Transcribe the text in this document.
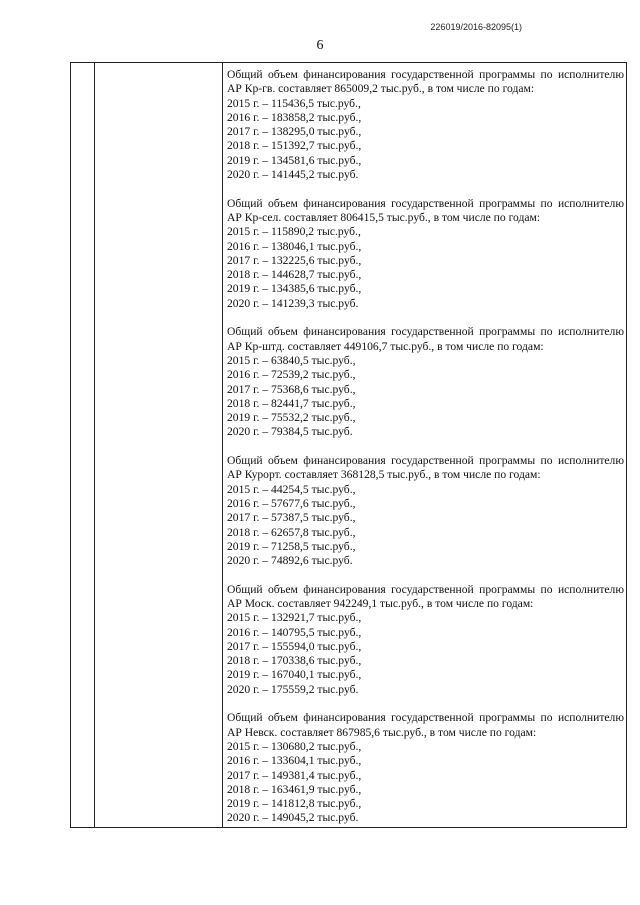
226019/2016-82095(1)
6
Общий объем финансирования государственной программы по исполнителю АР Кр-гв. составляет 865009,2 тыс.руб., в том числе по годам:
2015 г. – 115436,5 тыс.руб.,
2016 г. – 183858,2 тыс.руб.,
2017 г. – 138295,0 тыс.руб.,
2018 г. – 151392,7 тыс.руб.,
2019 г. – 134581,6 тыс.руб.,
2020 г. – 141445,2 тыс.руб.
Общий объем финансирования государственной программы по исполнителю АР Кр-сел. составляет 806415,5 тыс.руб., в том числе по годам:
2015 г. – 115890,2 тыс.руб.,
2016 г. – 138046,1 тыс.руб.,
2017 г. – 132225,6 тыс.руб.,
2018 г. – 144628,7 тыс.руб.,
2019 г. – 134385,6 тыс.руб.,
2020 г. – 141239,3 тыс.руб.
Общий объем финансирования государственной программы по исполнителю АР Кр-штд. составляет 449106,7 тыс.руб., в том числе по годам:
2015 г. – 63840,5 тыс.руб.,
2016 г. – 72539,2 тыс.руб.,
2017 г. – 75368,6 тыс.руб.,
2018 г. – 82441,7 тыс.руб.,
2019 г. – 75532,2 тыс.руб.,
2020 г. – 79384,5 тыс.руб.
Общий объем финансирования государственной программы по исполнителю АР Курорт. составляет 368128,5 тыс.руб., в том числе по годам:
2015 г. – 44254,5 тыс.руб.,
2016 г. – 57677,6 тыс.руб.,
2017 г. – 57387,5 тыс.руб.,
2018 г. – 62657,8 тыс.руб.,
2019 г. – 71258,5 тыс.руб.,
2020 г. – 74892,6 тыс.руб.
Общий объем финансирования государственной программы по исполнителю АР Моск. составляет 942249,1 тыс.руб., в том числе по годам:
2015 г. – 132921,7 тыс.руб.,
2016 г. – 140795,5 тыс.руб.,
2017 г. – 155594,0 тыс.руб.,
2018 г. – 170338,6 тыс.руб.,
2019 г. – 167040,1 тыс.руб.,
2020 г. – 175559,2 тыс.руб.
Общий объем финансирования государственной программы по исполнителю АР Невск. составляет 867985,6 тыс.руб., в том числе по годам:
2015 г. – 130680,2 тыс.руб.,
2016 г. – 133604,1 тыс.руб.,
2017 г. – 149381,4 тыс.руб.,
2018 г. – 163461,9 тыс.руб.,
2019 г. – 141812,8 тыс.руб.,
2020 г. – 149045,2 тыс.руб.
